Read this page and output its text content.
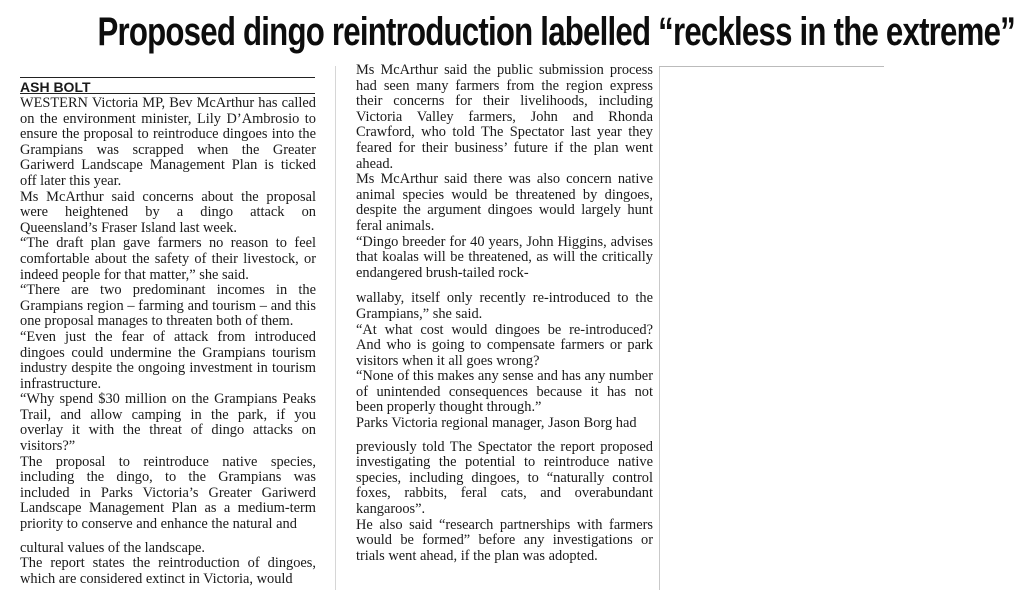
Proposed dingo reintroduction labelled “reckless in the extreme”
ASH BOLT

WESTERN Victoria MP, Bev McArthur has called on the environment minister, Lily D’Ambrosio to ensure the proposal to reintroduce dingoes into the Grampians was scrapped when the Greater Gariwerd Landscape Management Plan is ticked off later this year.

Ms McArthur said concerns about the proposal were heightened by a dingo attack on Queensland’s Fraser Island last week.

“The draft plan gave farmers no reason to feel comfortable about the safety of their livestock, or indeed people for that matter,” she said.

“There are two predominant incomes in the Grampians region – farming and tourism – and this one proposal manages to threaten both of them.

“Even just the fear of attack from introduced dingoes could undermine the Grampians tourism industry despite the ongoing investment in tourism infrastructure.

“Why spend $30 million on the Grampians Peaks Trail, and allow camping in the park, if you overlay it with the threat of dingo attacks on visitors?”

The proposal to reintroduce native species, including the dingo, to the Grampians was included in Parks Victoria’s Greater Gariwerd Landscape Management Plan as a medium-term priority to conserve and enhance the natural and

cultural values of the landscape.

The report states the reintroduction of dingoes, which are considered extinct in Victoria, would

Ms McArthur said the public submission process had seen many farmers from the region express their concerns for their livelihoods, including Victoria Valley farmers, John and Rhonda Crawford, who told The Spectator last year they feared for their business’ future if the plan went ahead.

Ms McArthur said there was also concern native animal species would be threatened by dingoes, despite the argument dingoes would largely hunt feral animals.

“Dingo breeder for 40 years, John Higgins, advises that koalas will be threatened, as will the critically endangered brush-tailed rock-

wallaby, itself only recently re-introduced to the Grampians,” she said.

“At what cost would dingoes be re-introduced? And who is going to compensate farmers or park visitors when it all goes wrong?

“None of this makes any sense and has any number of unintended consequences because it has not been properly thought through.”

Parks Victoria regional manager, Jason Borg had

previously told The Spectator the report proposed investigating the potential to reintroduce native species, including dingoes, to “naturally control foxes, rabbits, feral cats, and overabundant kangaroos”.

He also said “research partnerships with farmers would be formed” before any investigations or trials went ahead, if the plan was adopted.
